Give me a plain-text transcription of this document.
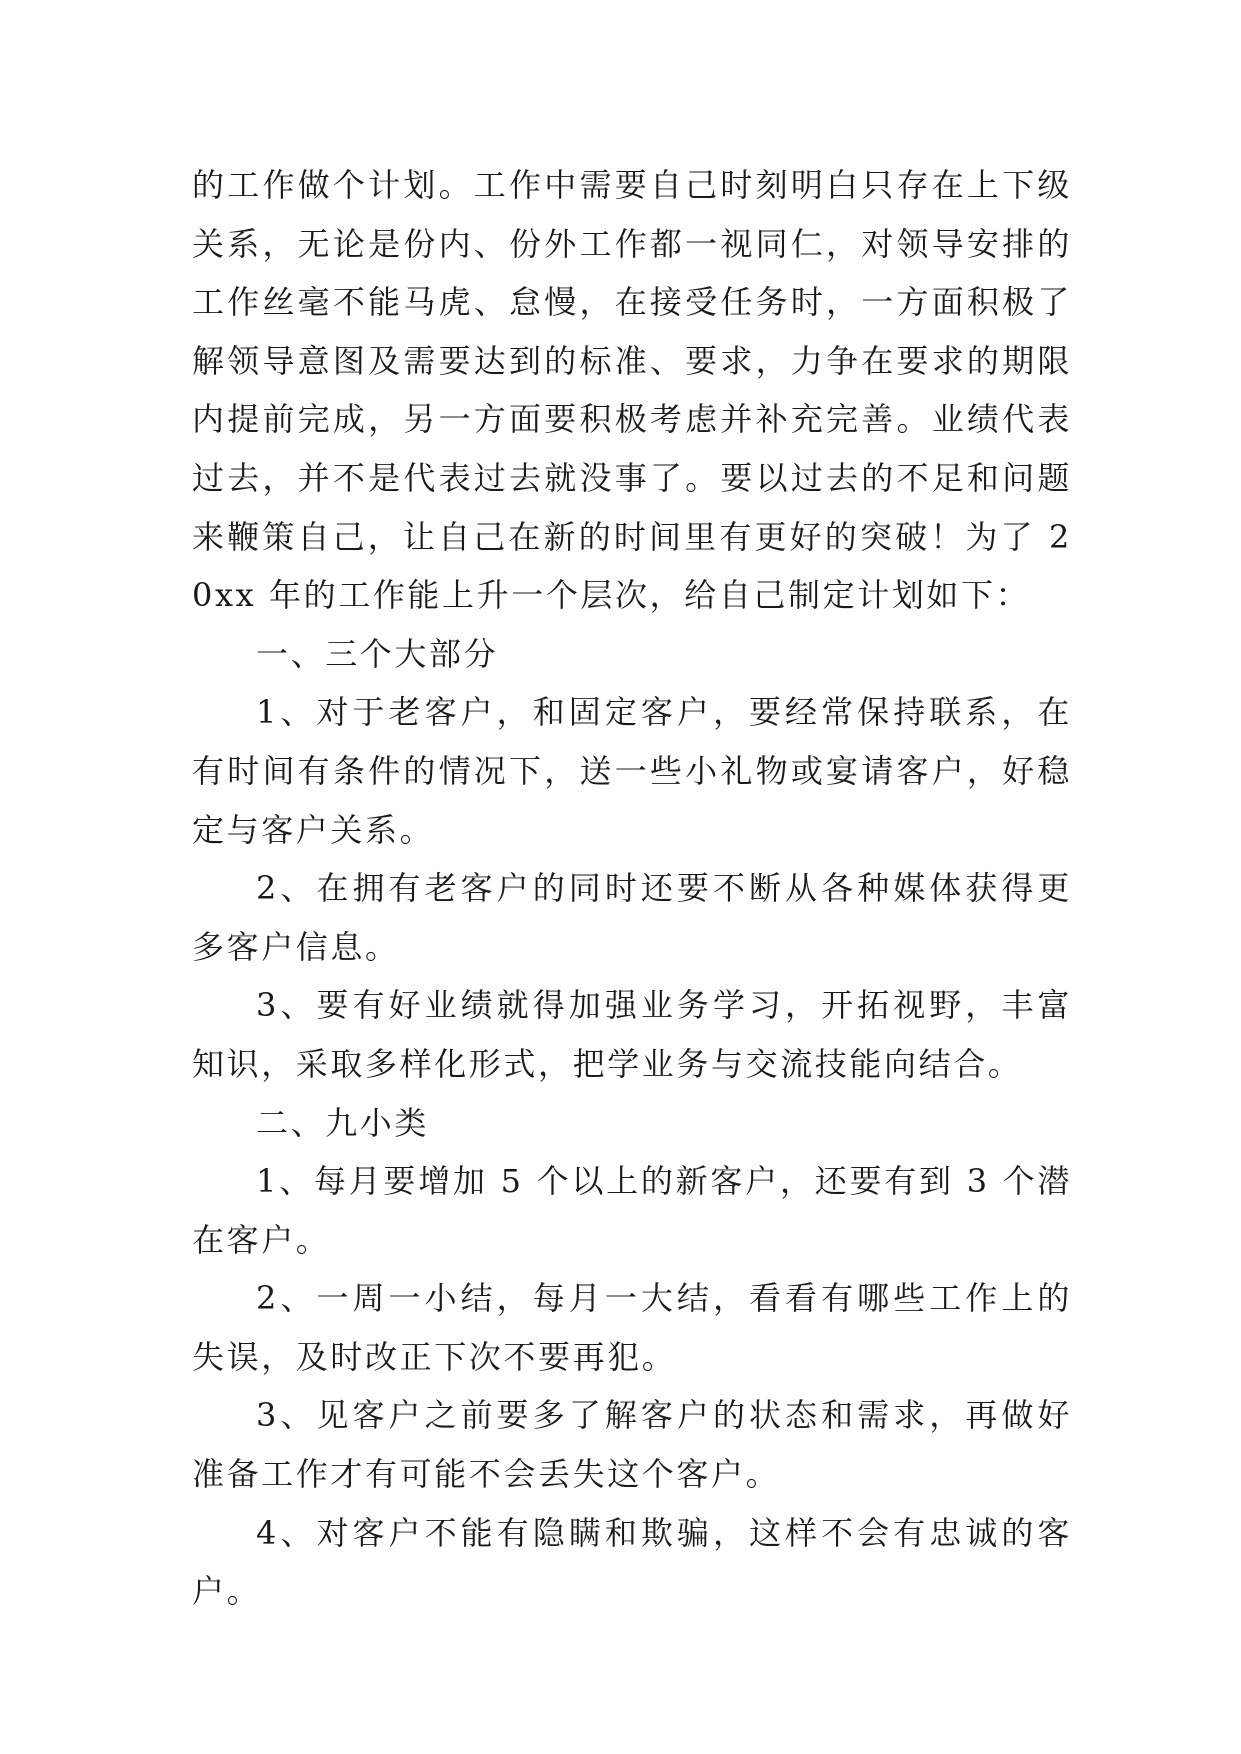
的工作做个计划。工作中需要自己时刻明白只存在上下级关系，无论是份内、份外工作都一视同仁，对领导安排的工作丝毫不能马虎、怠慢，在接受任务时，一方面积极了解领导意图及需要达到的标准、要求，力争在要求的期限内提前完成，另一方面要积极考虑并补充完善。业绩代表过去，并不是代表过去就没事了。要以过去的不足和问题来鞭策自己，让自己在新的时间里有更好的突破！为了 20xx 年的工作能上升一个层次，给自己制定计划如下：

一、三个大部分

1、对于老客户，和固定客户，要经常保持联系，在有时间有条件的情况下，送一些小礼物或宴请客户，好稳定与客户关系。

2、在拥有老客户的同时还要不断从各种媒体获得更多客户信息。

3、要有好业绩就得加强业务学习，开拓视野，丰富知识，采取多样化形式，把学业务与交流技能向结合。

二、九小类

1、每月要增加 5 个以上的新客户，还要有到 3 个潜在客户。

2、一周一小结，每月一大结，看看有哪些工作上的失误，及时改正下次不要再犯。

3、见客户之前要多了解客户的状态和需求，再做好准备工作才有可能不会丢失这个客户。

4、对客户不能有隐瞒和欺骗，这样不会有忠诚的客户。
